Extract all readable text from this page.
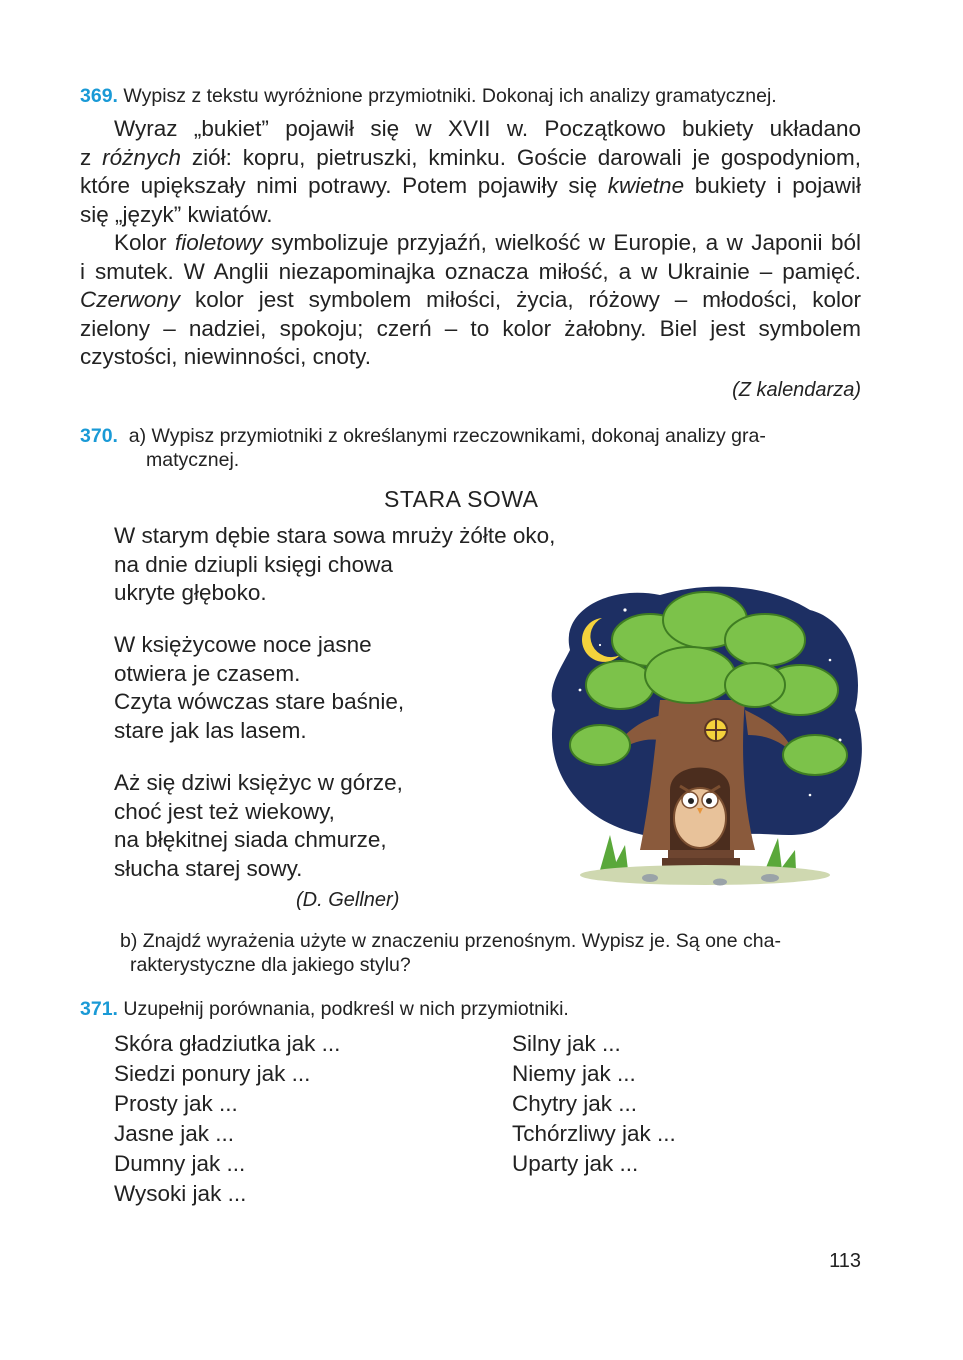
369. Wypisz z tekstu wyróżnione przymiotniki. Dokonaj ich analizy gramatycznej.
Wyraz „bukiet” pojawił się w XVII w. Początkowo bukiety układano
z różnych ziół: kopru, pietruszki, kminku. Goście darowali je gospodyniom,
które upiększały nimi potrawy. Potem pojawiły się kwietne bukiety i pojawił
się „język” kwiatów.
Kolor fioletowy symbolizuje przyjaźń, wielkość w Europie, a w Japonii ból
i smutek. W Anglii niezapominajka oznacza miłość, a w Ukrainie – pamięć.
Czerwony kolor jest symbolem miłości, życia, różowy – młodości, kolor
zielony – nadziei, spokoju; czerń – to kolor żałobny. Biel jest symbolem
czystości, niewinności, cnoty.
(Z kalendarza)
370. a) Wypisz przymiotniki z określanymi rzeczownikami, dokonaj analizy gra-
matycznej.
STARA SOWA
W starym dębie stara sowa mruży żółte oko,
na dnie dziupli księgi chowa
ukryte głęboko.
W księżycowe noce jasne
otwiera je czasem.
Czyta wówczas stare baśnie,
stare jak las lasem.
Aż się dziwi księżyc w górze,
choć jest też wiekowy,
na błękitnej siada chmurze,
słucha starej sowy.
(D. Gellner)
b) Znajdź wyrażenia użyte w znaczeniu przenośnym. Wypisz je. Są one cha-
rakterystyczne dla jakiego stylu?
371. Uzupełnij porównania, podkreśl w nich przymiotniki.
Skóra gładziutka jak ...
Siedzi ponury jak ...
Prosty jak ...
Jasne jak ...
Dumny jak ...
Wysoki jak ...
Silny jak ...
Niemy jak ...
Chytry jak ...
Tchórzliwy jak ...
Uparty jak ...
113
